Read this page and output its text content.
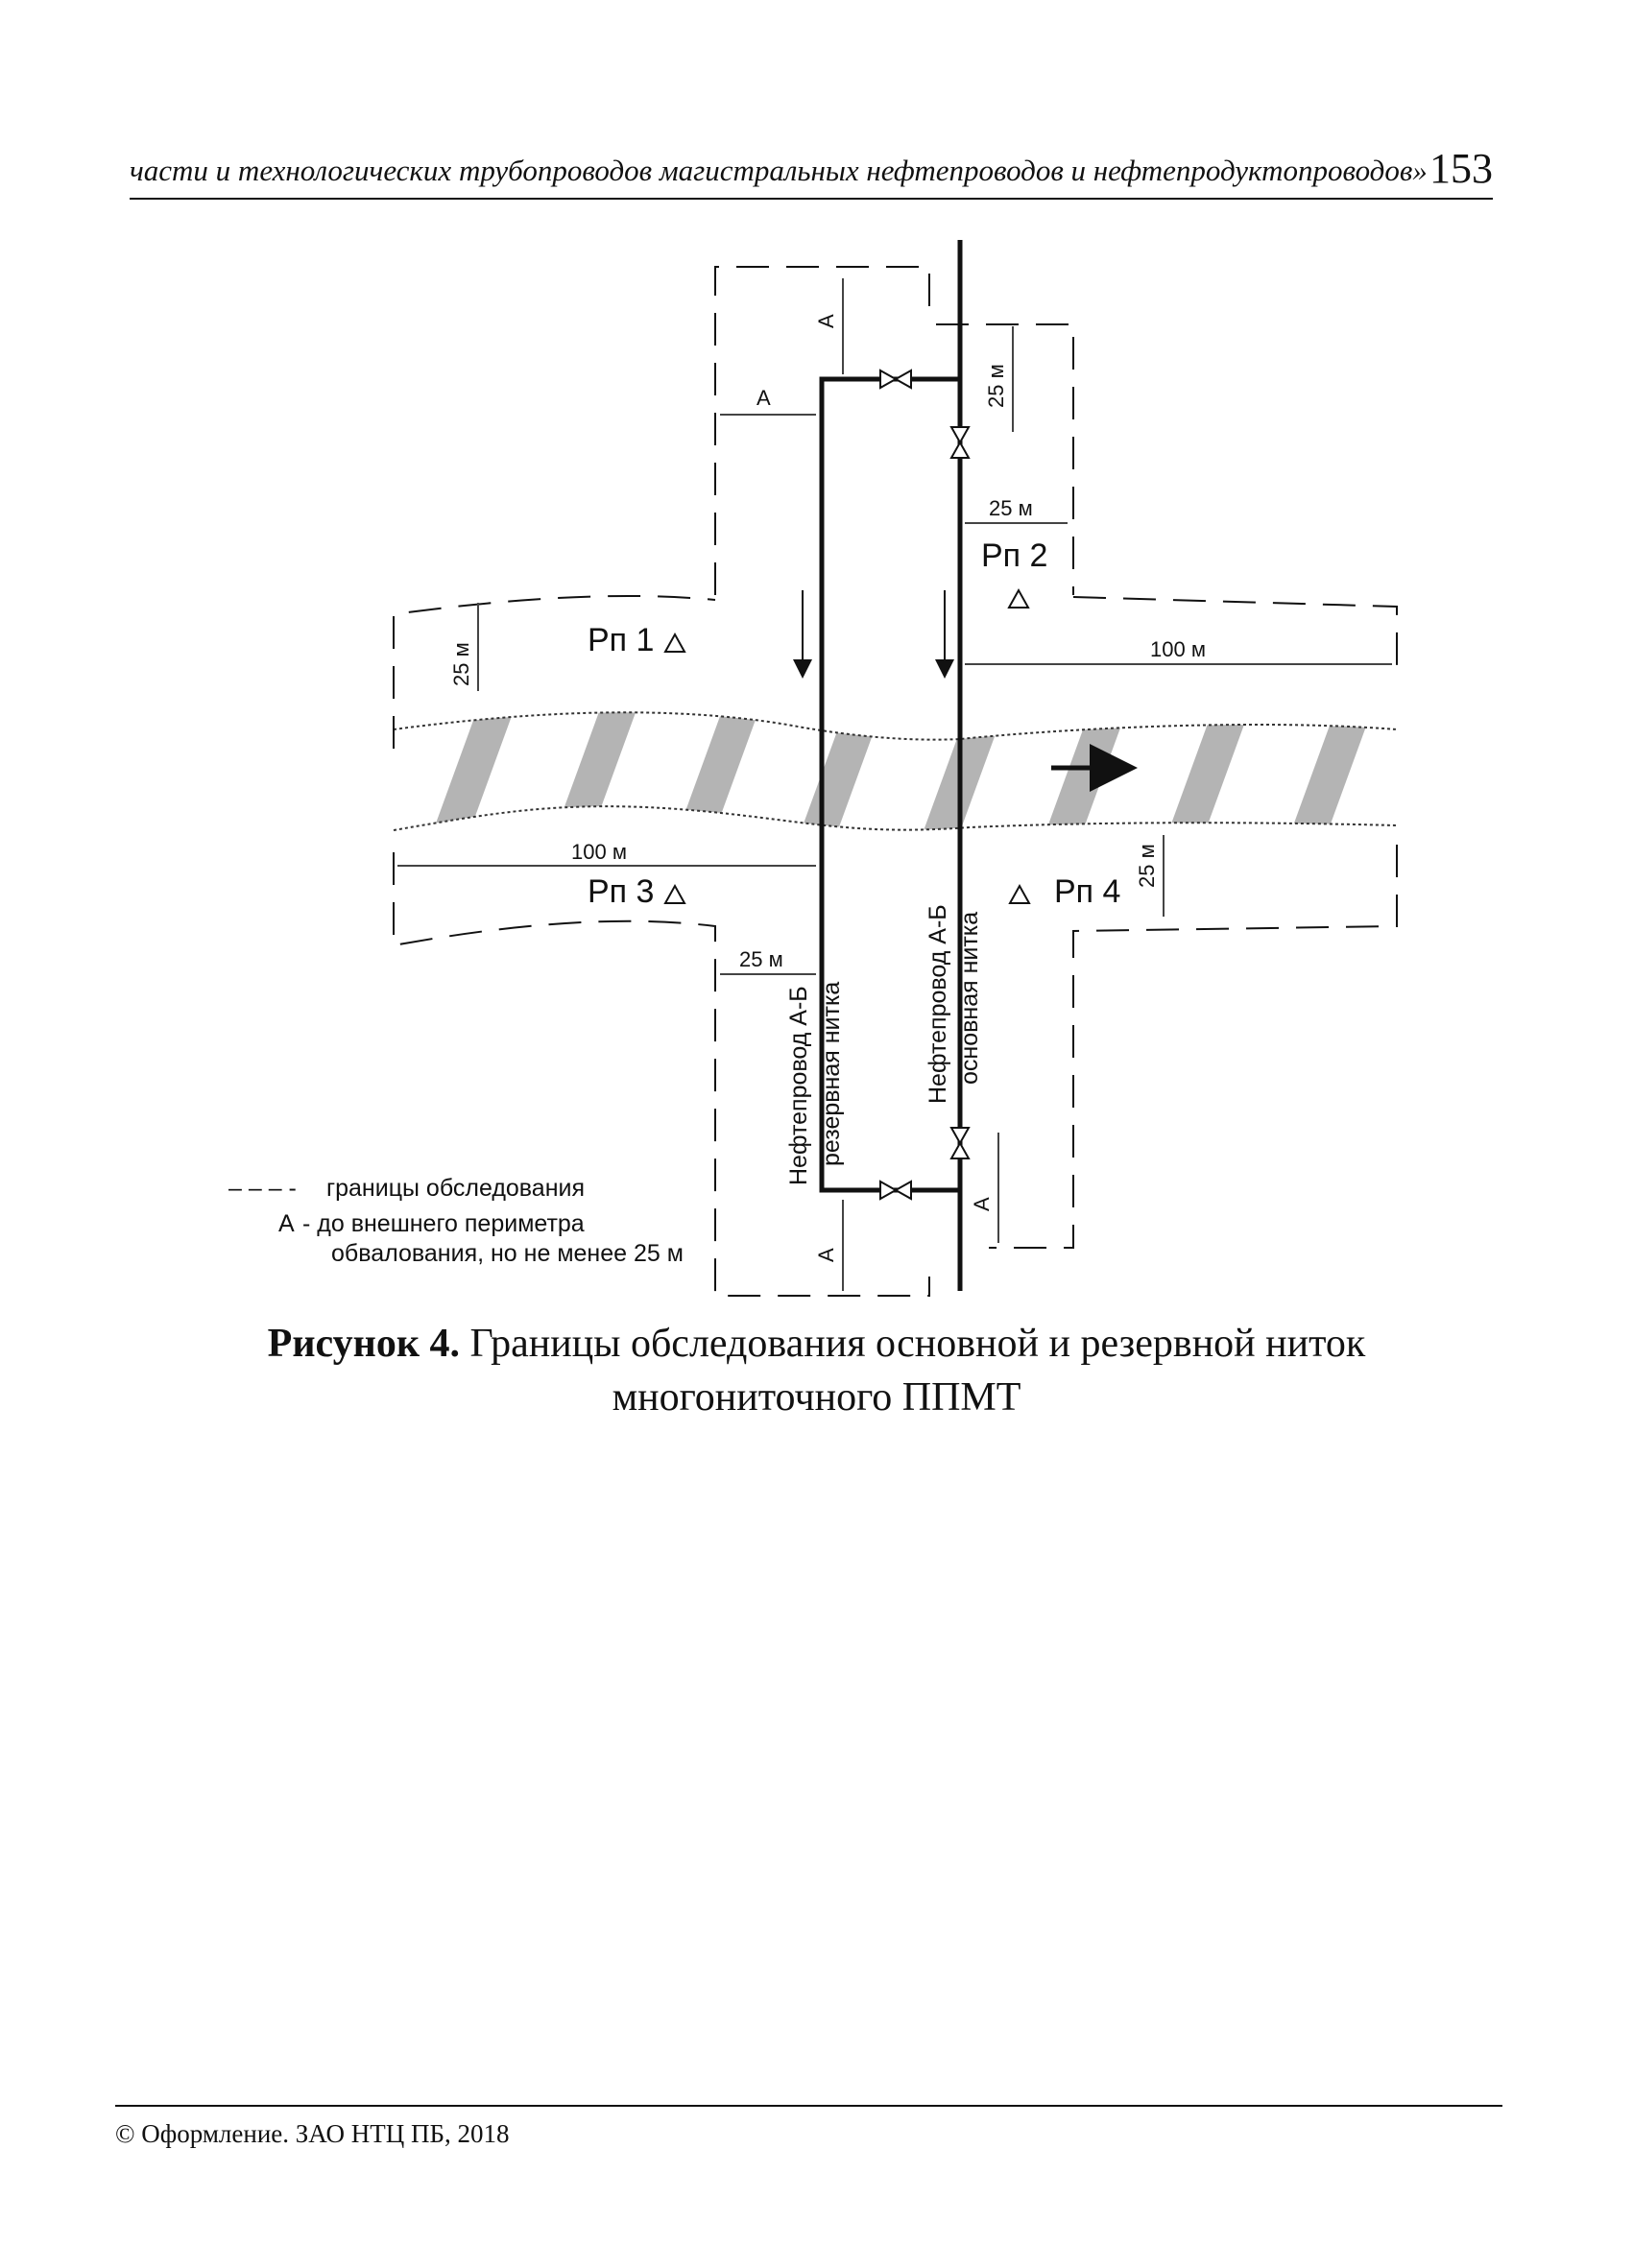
части и технологических трубопроводов магистральных нефтепроводов и нефтепродуктопроводов» 153
Рп 1
Рп 2
Рп 3	Рп 4
А
А	25 м
25 м
25 м	100 м
100 м	25 м
25 м
А
А
Нефтепровод А-Б резервная нитка	Нефтепровод А-Б основная нитка
– – – - границы обследования
А - до внешнего периметра
обвалования, но не менее 25 м
Рисунок 4. Границы обследования основной и резервной ниток
многониточного ППМТ
© Оформление. ЗАО НТЦ ПБ, 2018
